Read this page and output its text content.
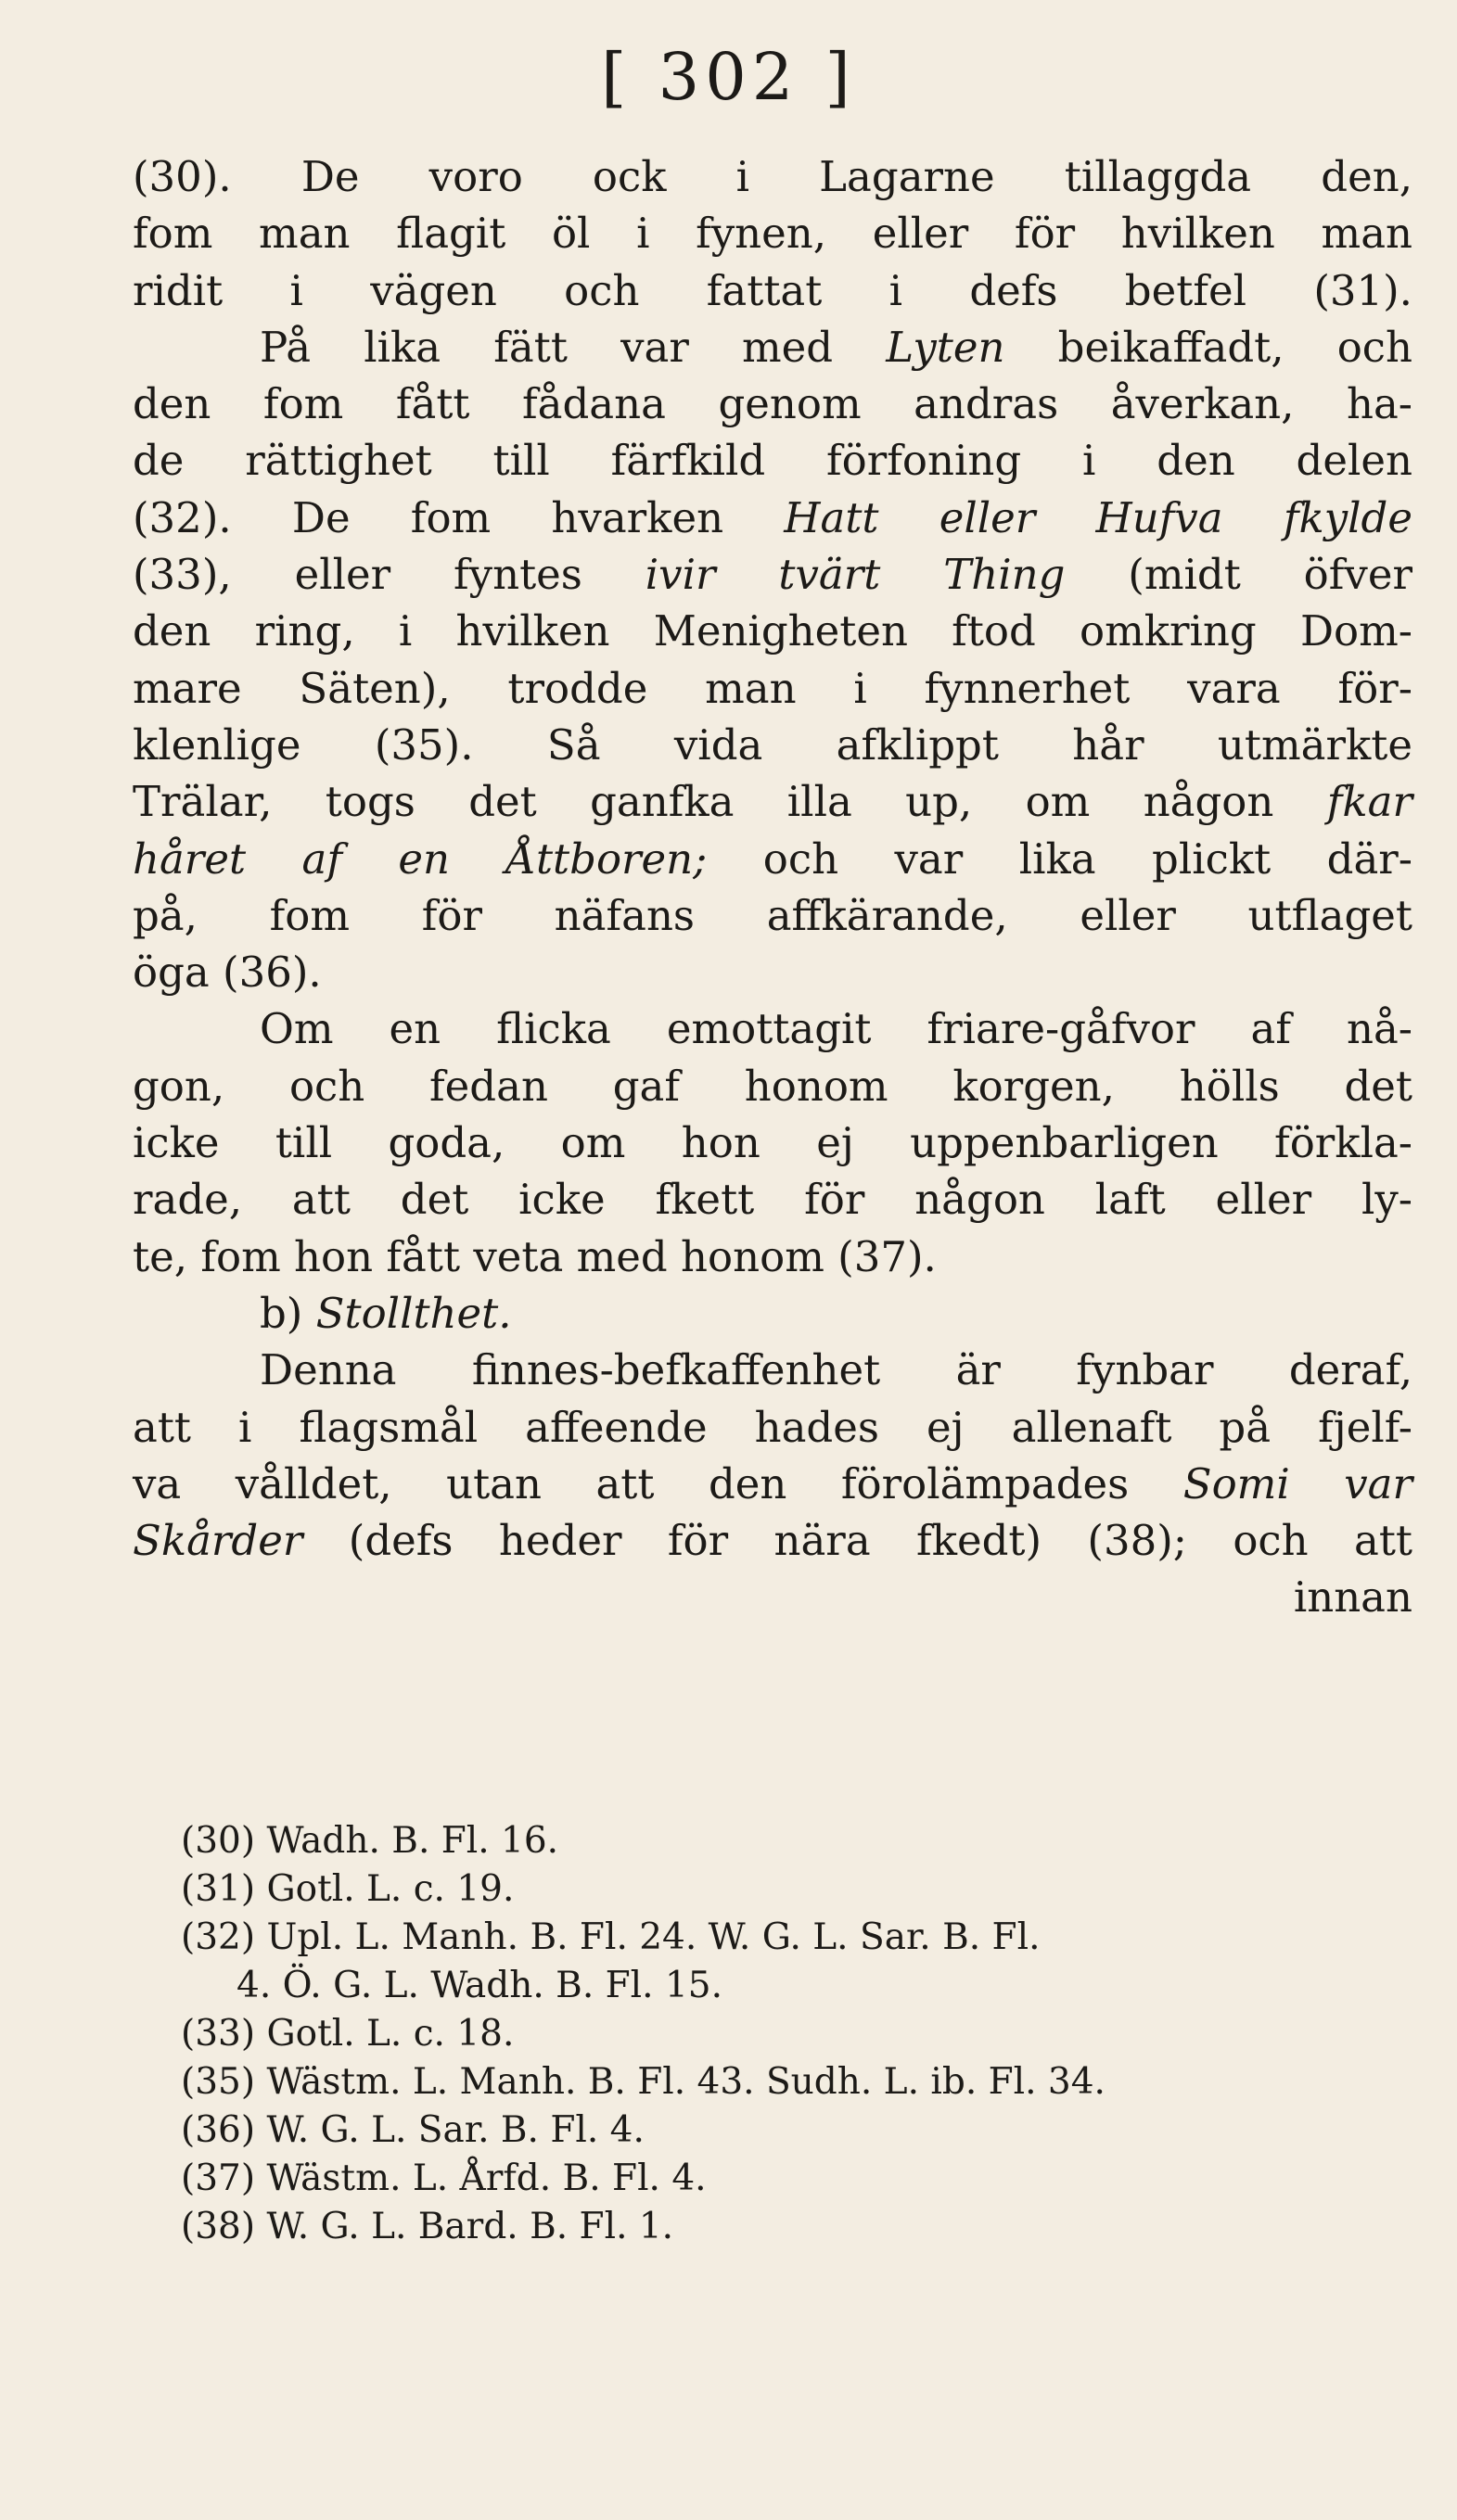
[ 302 ]
(30). De voro ock i Lagarne tillaggda den,
fom man flagit öl i fynen, eller för hvilken man
ridit i vägen och fattat i defs betfel (31).
På lika fätt var med Lyten beikaffadt, och
den fom fått fådana genom andras åverkan, ha-
de rättighet till färfkild förfoning i den delen
(32). De fom hvarken Hatt eller Hufva fkylde
(33), eller fyntes ivir tvärt Thing (midt öfver
den ring, i hvilken Menigheten ftod omkring Dom-
mare Säten), trodde man i fynnerhet vara för-
klenlige (35). Så vida afklippt hår utmärkte
Trälar, togs det ganfka illa up, om någon fkar
håret af en Åttboren; och var lika plickt där-
på, fom för näfans affkärande, eller utflaget
öga (36).
Om en flicka emottagit friare-gåfvor af nå-
gon, och fedan gaf honom korgen, hölls det
icke till goda, om hon ej uppenbarligen förkla-
rade, att det icke fkett för någon laft eller ly-
te, fom hon fått veta med honom (37).
b) Stollthet.
Denna finnes-befkaffenhet är fynbar deraf,
att i flagsmål affeende hades ej allenaft på fjelf-
va vålldet, utan att den förolämpades Somi var
Skårder (defs heder för nära fkedt) (38); och att
innan
(30) Wadh. B. Fl. 16.
(31) Gotl. L. c. 19.
(32) Upl. L. Manh. B. Fl. 24. W. G. L. Sar. B. Fl.
4. Ö. G. L. Wadh. B. Fl. 15.
(33) Gotl. L. c. 18.
(35) Wästm. L. Manh. B. Fl. 43. Sudh. L. ib. Fl. 34.
(36) W. G. L. Sar. B. Fl. 4.
(37) Wästm. L. Årfd. B. Fl. 4.
(38) W. G. L. Bard. B. Fl. 1.
